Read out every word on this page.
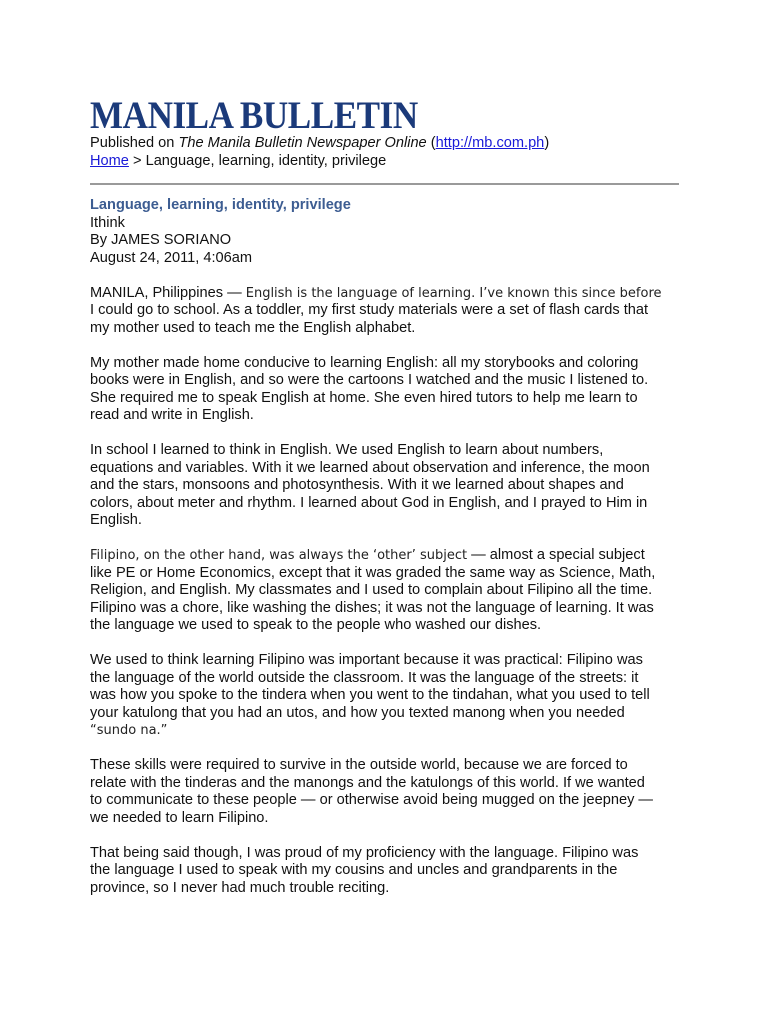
MANILA BULLETIN
Published on The Manila Bulletin Newspaper Online (http://mb.com.ph)
Home > Language, learning, identity, privilege
Language, learning, identity, privilege
Ithink
By JAMES SORIANO
August 24, 2011, 4:06am
MANILA, Philippines — English is the language of learning. I’ve known this since before
I could go to school. As a toddler, my first study materials were a set of flash cards that
my mother used to teach me the English alphabet.
My mother made home conducive to learning English: all my storybooks and coloring
books were in English, and so were the cartoons I watched and the music I listened to.
She required me to speak English at home. She even hired tutors to help me learn to
read and write in English.
In school I learned to think in English. We used English to learn about numbers,
equations and variables. With it we learned about observation and inference, the moon
and the stars, monsoons and photosynthesis. With it we learned about shapes and
colors, about meter and rhythm. I learned about God in English, and I prayed to Him in
English.
Filipino, on the other hand, was always the ‘other’ subject — almost a special subject
like PE or Home Economics, except that it was graded the same way as Science, Math,
Religion, and English. My classmates and I used to complain about Filipino all the time.
Filipino was a chore, like washing the dishes; it was not the language of learning. It was
the language we used to speak to the people who washed our dishes.
We used to think learning Filipino was important because it was practical: Filipino was
the language of the world outside the classroom. It was the language of the streets: it
was how you spoke to the tindera when you went to the tindahan, what you used to tell
your katulong that you had an utos, and how you texted manong when you needed
“sundo na.”
These skills were required to survive in the outside world, because we are forced to
relate with the tinderas and the manongs and the katulongs of this world. If we wanted
to communicate to these people — or otherwise avoid being mugged on the jeepney —
we needed to learn Filipino.
That being said though, I was proud of my proficiency with the language. Filipino was
the language I used to speak with my cousins and uncles and grandparents in the
province, so I never had much trouble reciting.
